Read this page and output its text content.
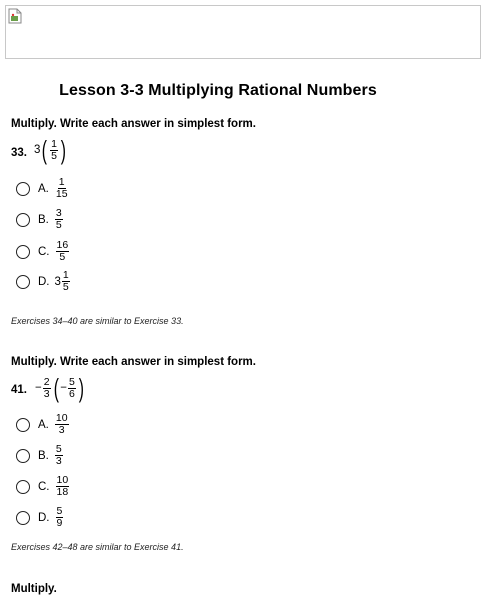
Lesson 3-3 Multiplying Rational Numbers
Multiply. Write each answer in simplest form.
33. 3 ( $\frac{1}{5}$ )
A. $\frac{1}{15}$
B. $\frac{3}{5}$
C. $\frac{16}{5}$
D. $3 \frac{1}{5}$
Exercises 34–40 are similar to Exercise 33.
Multiply. Write each answer in simplest form.
41. − $\frac{2}{3}$ ( − $\frac{5}{6}$ )
A. $\frac{10}{3}$
B. $\frac{5}{3}$
C. $\frac{10}{18}$
D. $\frac{5}{9}$
Exercises 42–48 are similar to Exercise 41.
Multiply.
